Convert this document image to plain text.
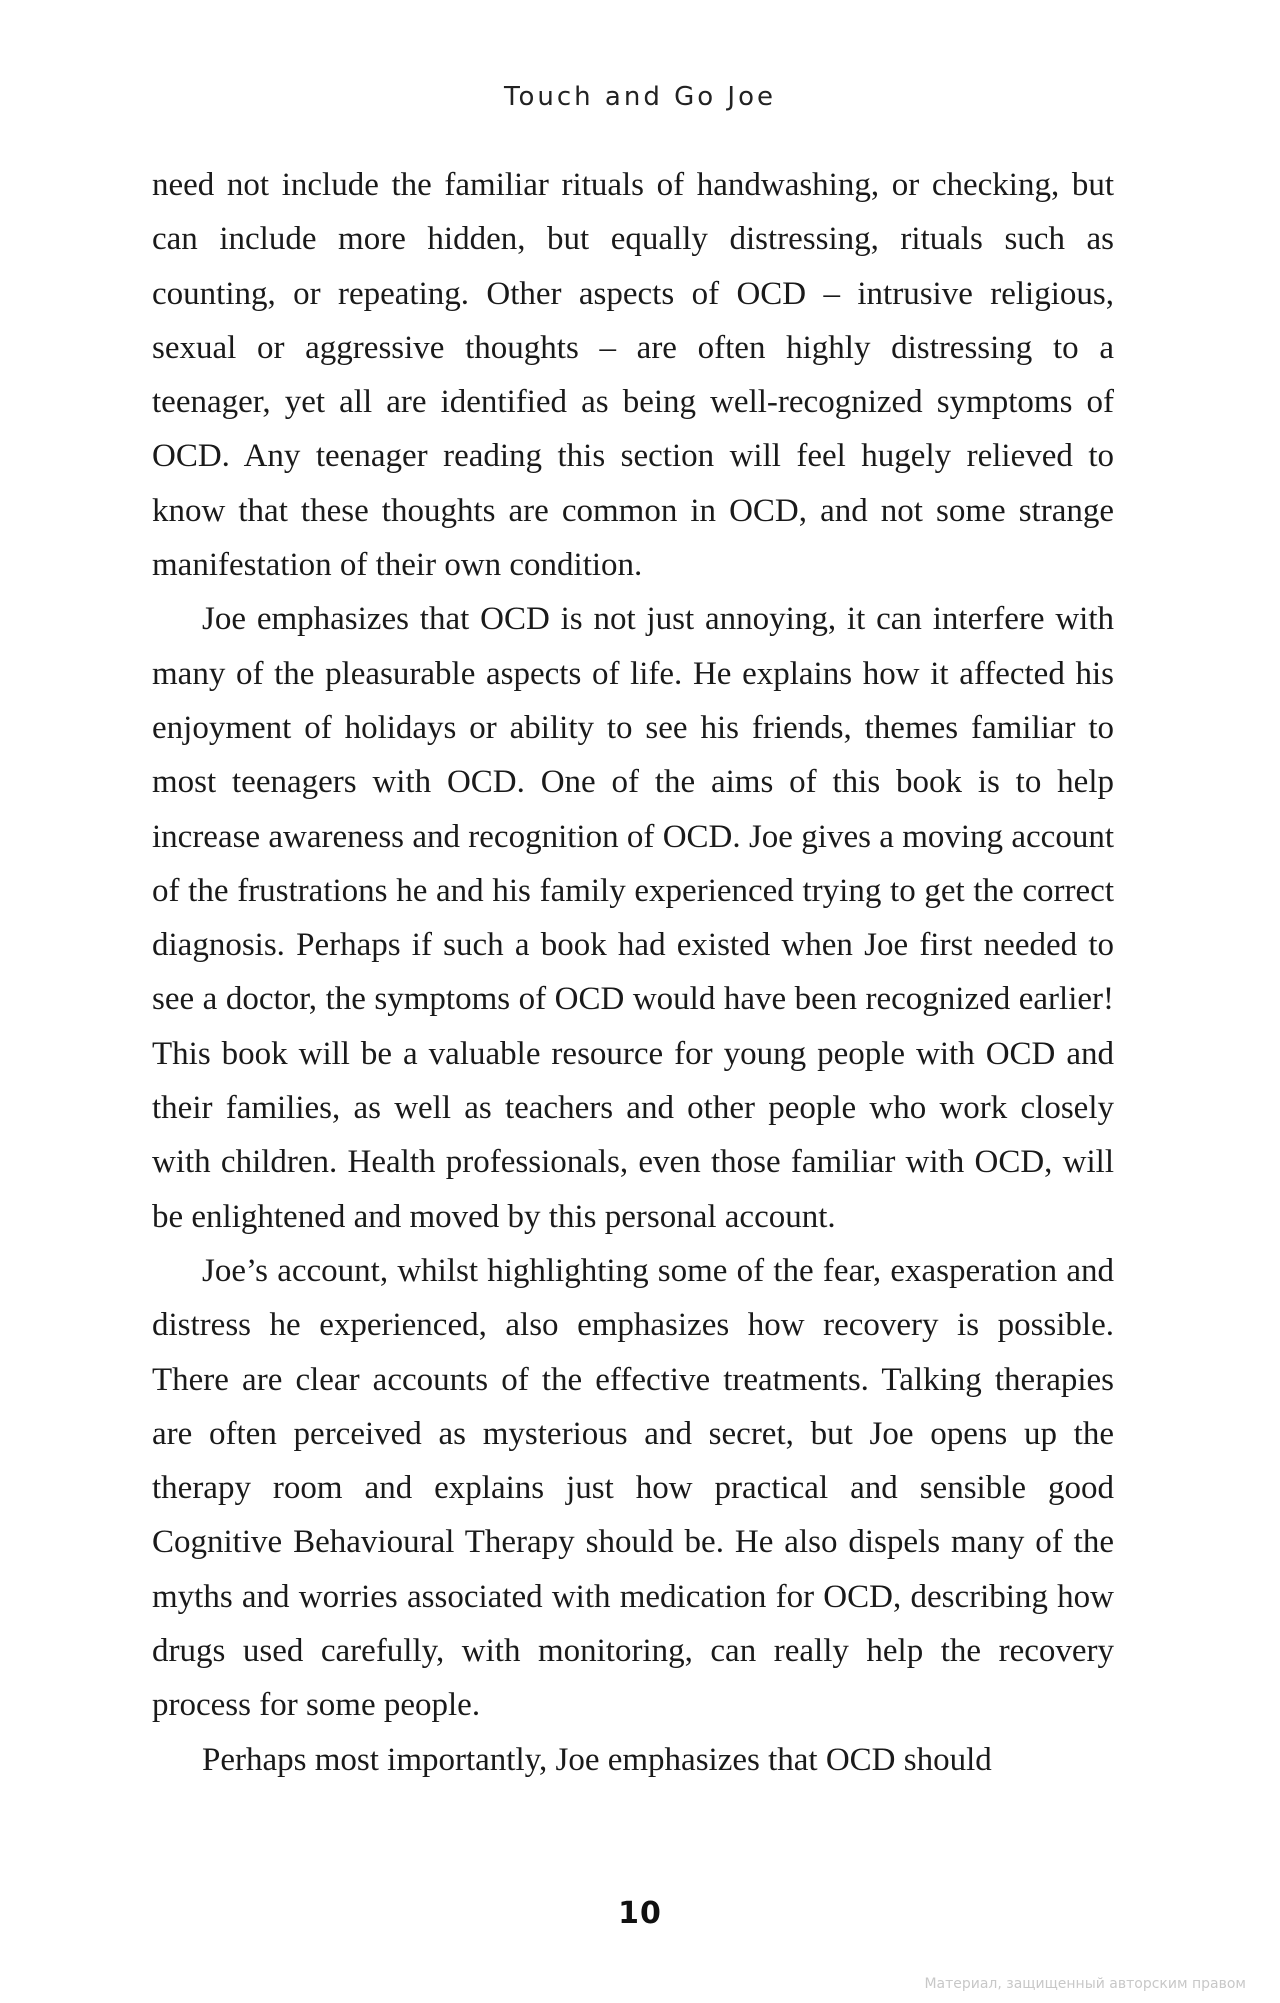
Touch and Go Joe

need not include the familiar rituals of handwashing, or checking, but can include more hidden, but equally distressing, rituals such as counting, or repeating. Other aspects of OCD – intrusive religious, sexual or aggressive thoughts – are often highly distressing to a teenager, yet all are identified as being well-recognized symptoms of OCD. Any teenager reading this section will feel hugely relieved to know that these thoughts are common in OCD, and not some strange manifestation of their own condition.

Joe emphasizes that OCD is not just annoying, it can interfere with many of the pleasurable aspects of life. He explains how it affected his enjoyment of holidays or ability to see his friends, themes familiar to most teenagers with OCD. One of the aims of this book is to help increase awareness and recognition of OCD. Joe gives a moving account of the frustrations he and his family experienced trying to get the correct diagnosis. Perhaps if such a book had existed when Joe first needed to see a doctor, the symptoms of OCD would have been recognized earlier! This book will be a valuable resource for young people with OCD and their families, as well as teachers and other people who work closely with children. Health professionals, even those familiar with OCD, will be enlightened and moved by this personal account.

Joe’s account, whilst highlighting some of the fear, exasperation and distress he experienced, also emphasizes how recovery is possible. There are clear accounts of the effective treatments. Talking therapies are often perceived as mysterious and secret, but Joe opens up the therapy room and explains just how practical and sensible good Cognitive Behavioural Therapy should be. He also dispels many of the myths and worries associated with medication for OCD, describing how drugs used carefully, with monitoring, can really help the recovery process for some people.

Perhaps most importantly, Joe emphasizes that OCD should

10
Материал, защищенный авторским правом
